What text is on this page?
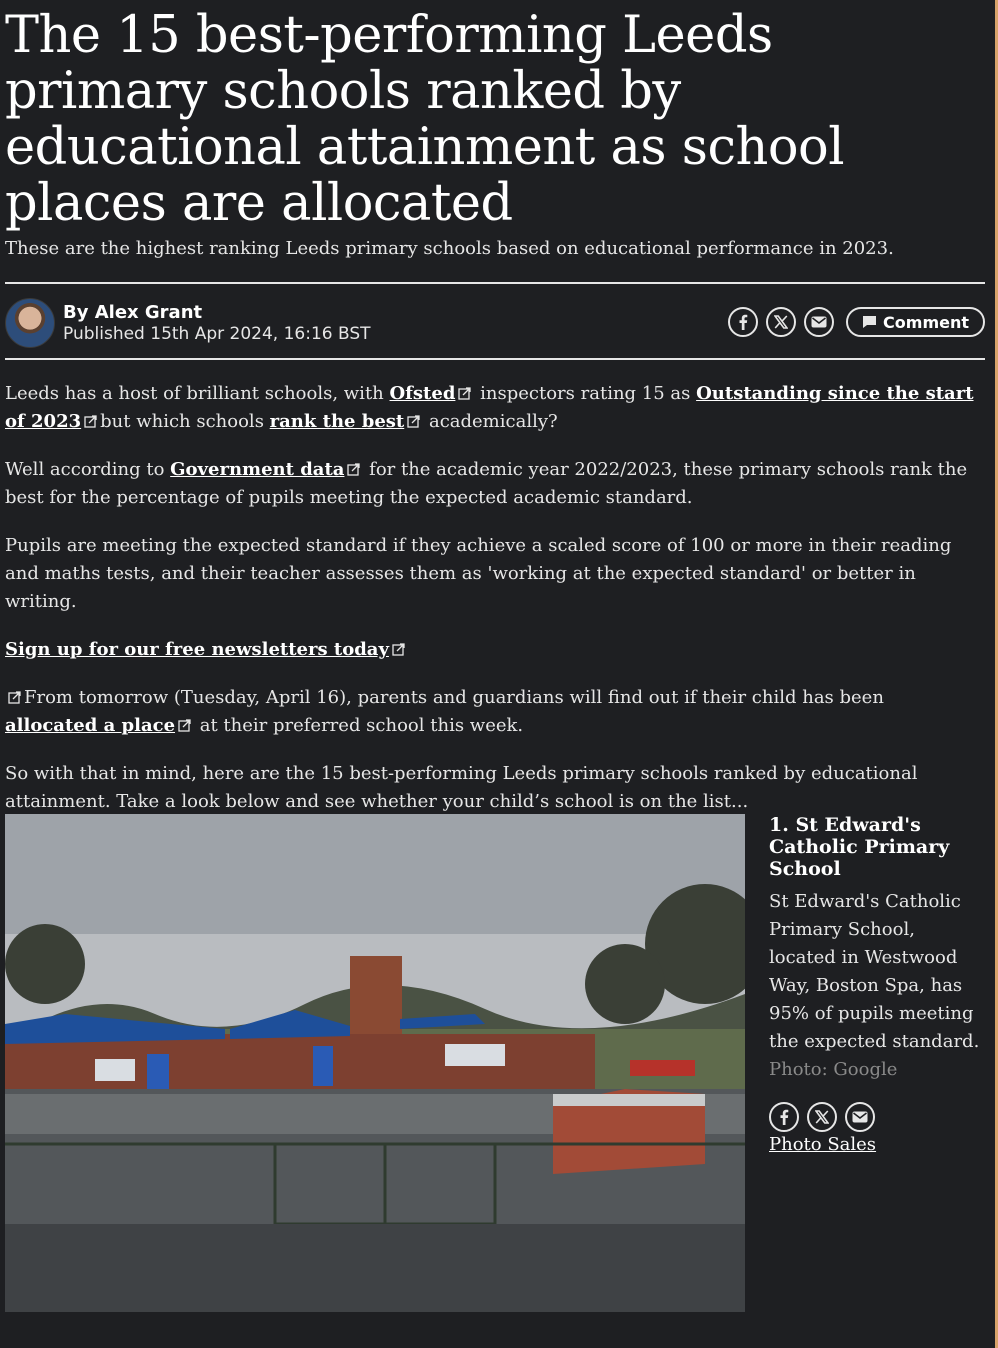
The 15 best-performing Leeds primary schools ranked by educational attainment as school places are allocated

These are the highest ranking Leeds primary schools based on educational performance in 2023.

By Alex Grant
Published 15th Apr 2024, 16:16 BST
Comment

Leeds has a host of brilliant schools, with Ofsted inspectors rating 15 as Outstanding since the start of 2023 but which schools rank the best academically?

Well according to Government data for the academic year 2022/2023, these primary schools rank the best for the percentage of pupils meeting the expected academic standard.

Pupils are meeting the expected standard if they achieve a scaled score of 100 or more in their reading and maths tests, and their teacher assesses them as 'working at the expected standard' or better in writing.

Sign up for our free newsletters today

From tomorrow (Tuesday, April 16), parents and guardians will find out if their child has been allocated a place at their preferred school this week.

So with that in mind, here are the 15 best-performing Leeds primary schools ranked by educational attainment. Take a look below and see whether your child’s school is on the list...

1. St Edward's Catholic Primary School

St Edward's Catholic Primary School, located in Westwood Way, Boston Spa, has 95% of pupils meeting the expected standard.
Photo: Google

Photo Sales
